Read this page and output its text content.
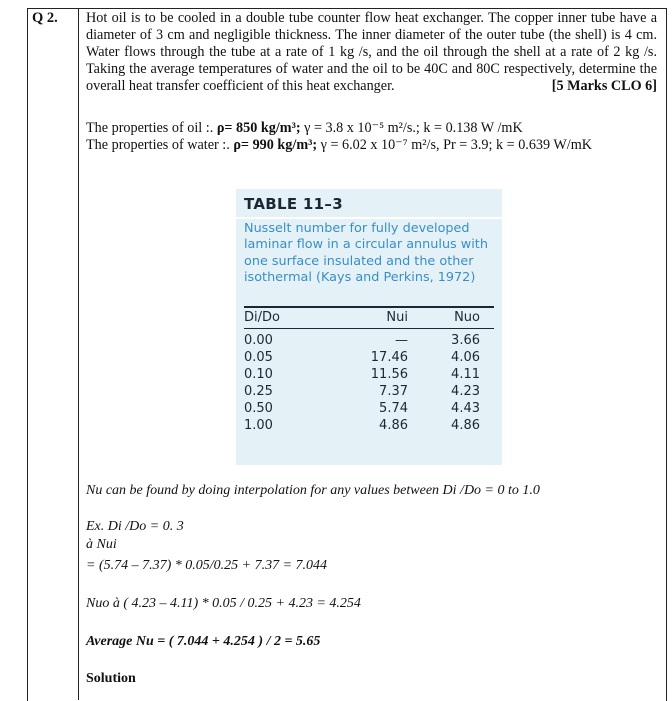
Q 2. Hot oil is to be cooled in a double tube counter flow heat exchanger. The copper inner tube have a diameter of 3 cm and negligible thickness. The inner diameter of the outer tube (the shell) is 4 cm. Water flows through the tube at a rate of 1 kg /s, and the oil through the shell at a rate of 2 kg /s. Taking the average temperatures of water and the oil to be 40C and 80C respectively, determine the overall heat transfer coefficient of this heat exchanger.	[5 Marks CLO 6]
The properties of oil :. ρ= 850 kg/m³; γ = 3.8 x 10⁻⁵ m²/s.; k = 0.138 W /mK
The properties of water :. ρ= 990 kg/m³; γ = 6.02 x 10⁻⁷ m²/s, Pr = 3.9; k = 0.639 W/mK
TABLE 11–3
Nusselt number for fully developed laminar flow in a circular annulus with one surface insulated and the other isothermal (Kays and Perkins, 1972)
Di/Do	Nui	Nuo
0.00	—	3.66
0.05	17.46	4.06
0.10	11.56	4.11
0.25	7.37	4.23
0.50	5.74	4.43
1.00	4.86	4.86
Nu can be found by doing interpolation for any values between Di /Do = 0 to 1.0
Ex. Di /Do = 0. 3
à Nui
= (5.74 – 7.37) * 0.05/0.25 + 7.37 = 7.044
Nuo à ( 4.23 – 4.11) * 0.05 / 0.25 + 4.23 = 4.254
Average Nu = ( 7.044 + 4.254 ) / 2 = 5.65
Solution
